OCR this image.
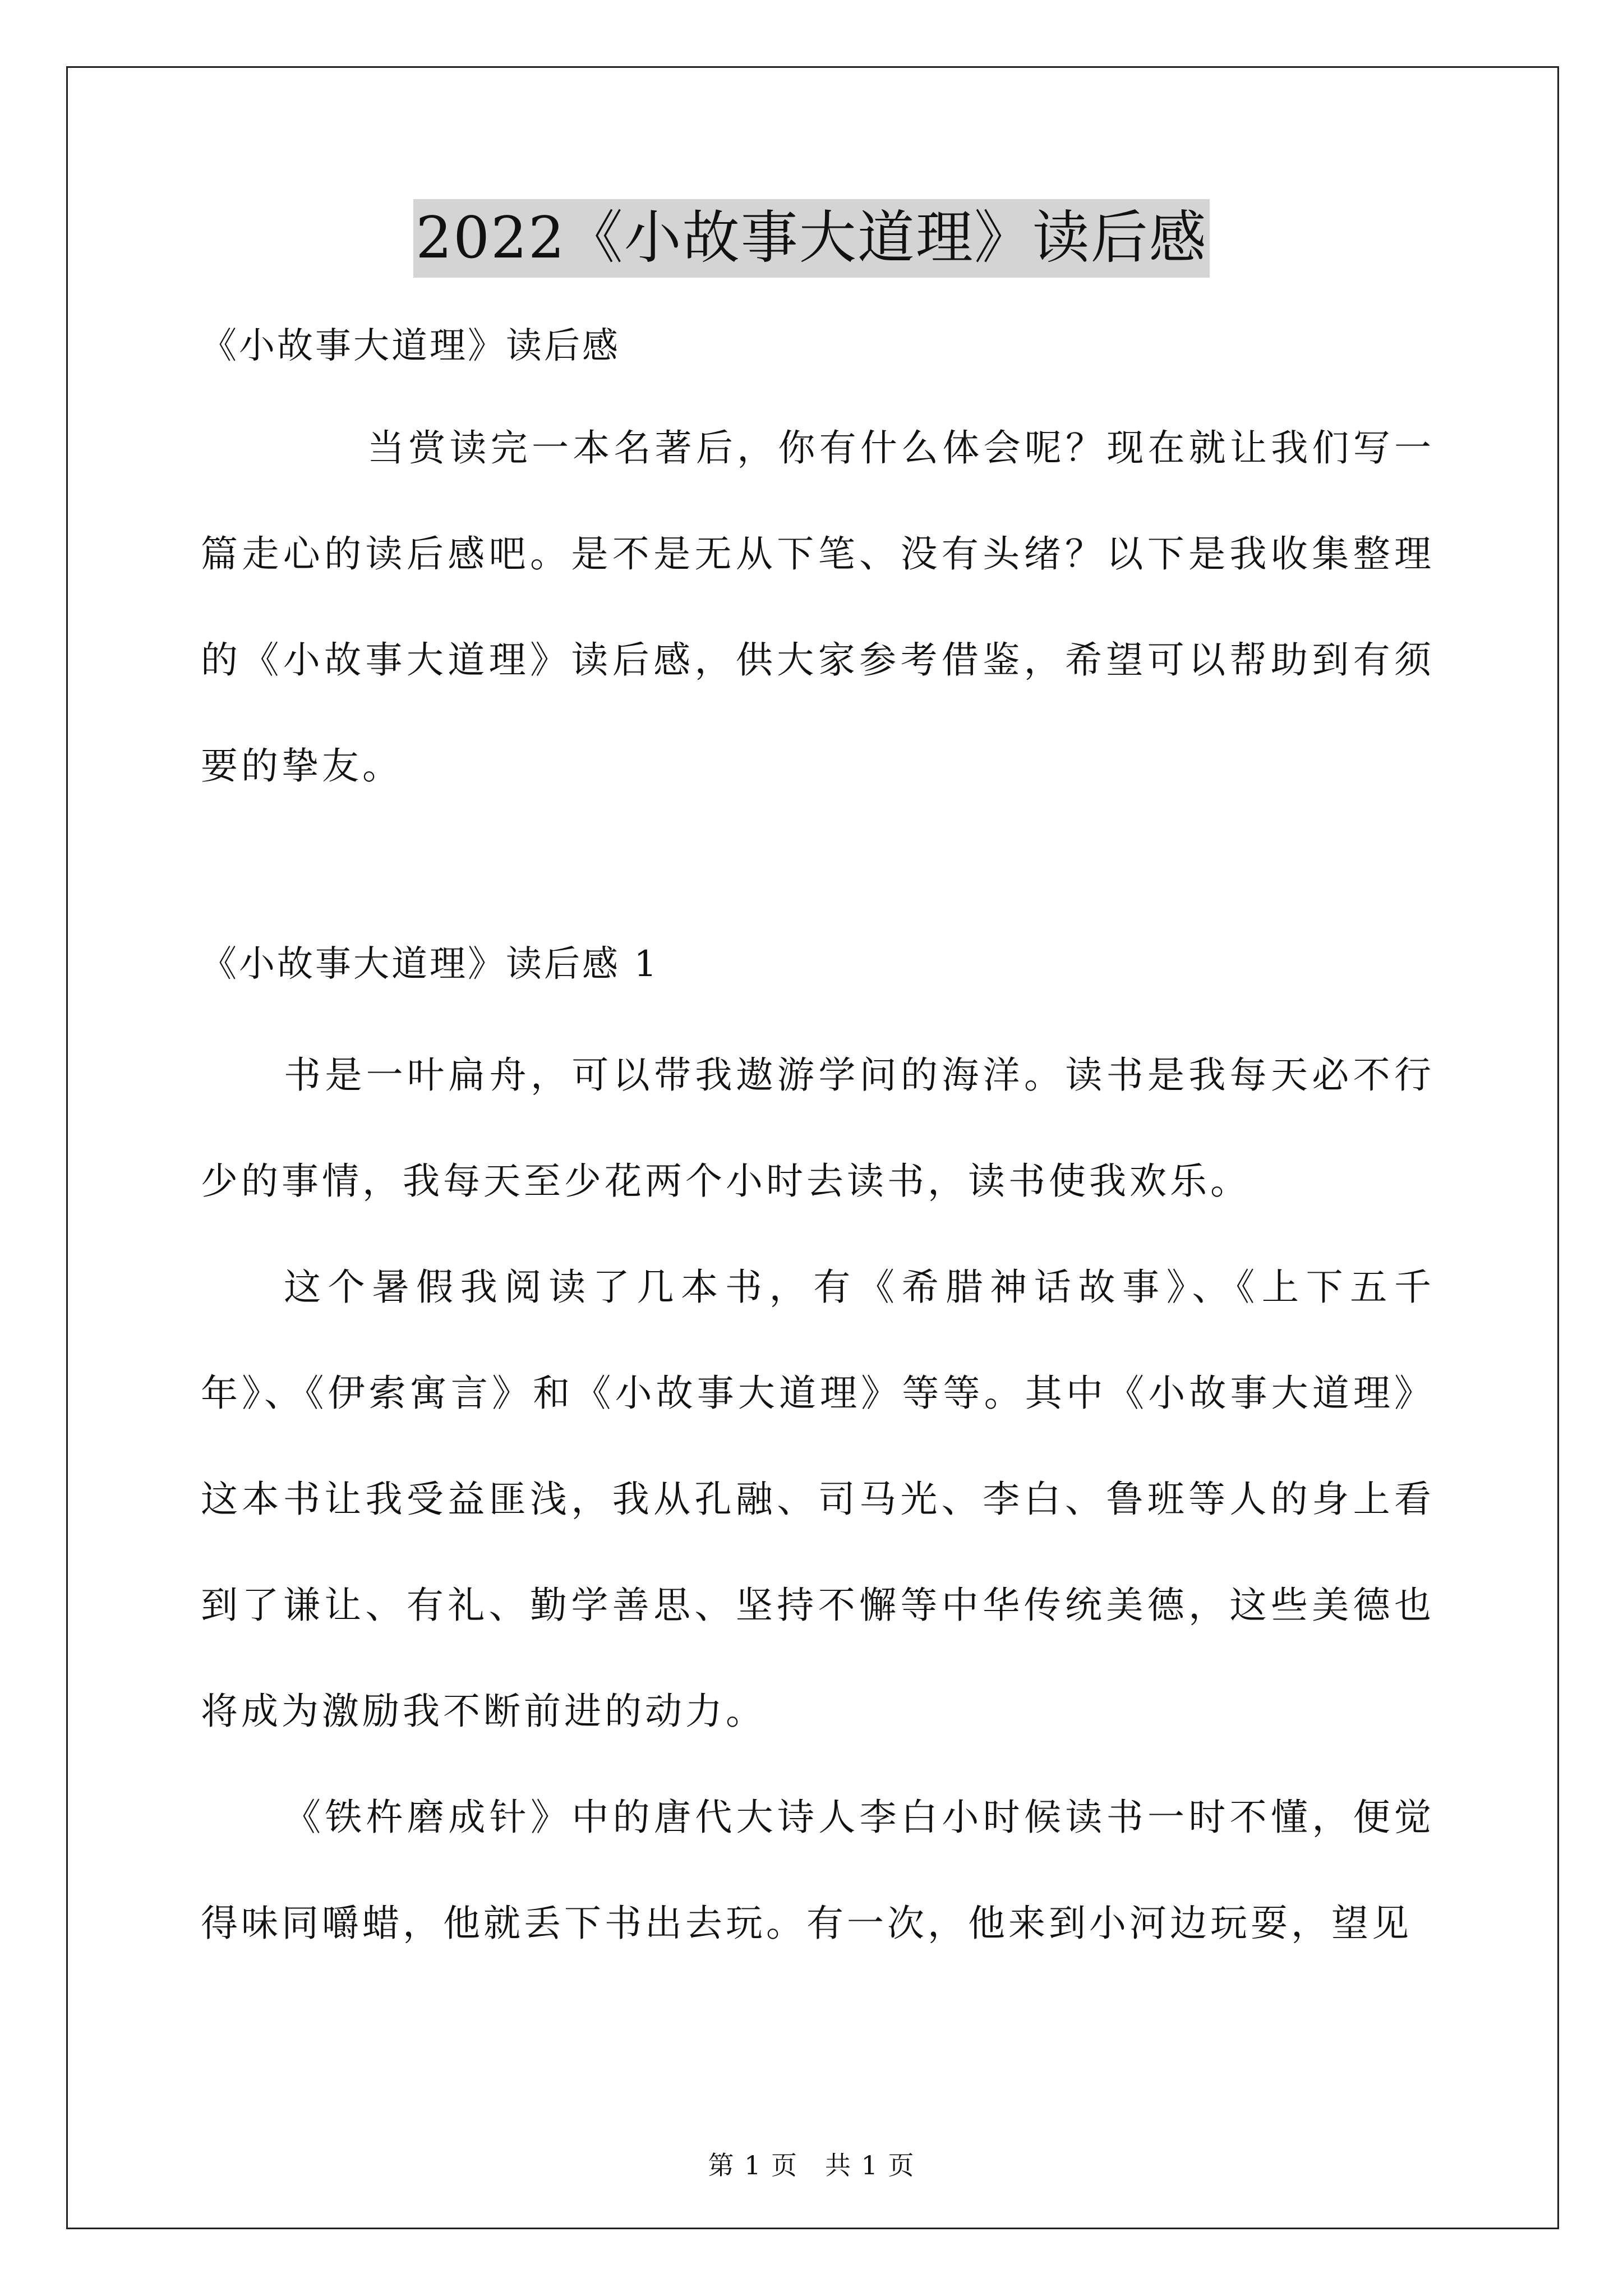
2022《小故事大道理》读后感

《小故事大道理》读后感

当赏读完一本名著后，你有什么体会呢？现在就让我们写一篇走心的读后感吧。是不是无从下笔、没有头绪？以下是我收集整理的《小故事大道理》读后感，供大家参考借鉴，希望可以帮助到有须要的挚友。

《小故事大道理》读后感 1

书是一叶扁舟，可以带我遨游学问的海洋。读书是我每天必不行少的事情，我每天至少花两个小时去读书，读书使我欢乐。

这个暑假我阅读了几本书，有《希腊神话故事》、《上下五千年》、《伊索寓言》和《小故事大道理》等等。其中《小故事大道理》这本书让我受益匪浅，我从孔融、司马光、李白、鲁班等人的身上看到了谦让、有礼、勤学善思、坚持不懈等中华传统美德，这些美德也将成为激励我不断前进的动力。

《铁杵磨成针》中的唐代大诗人李白小时候读书一时不懂，便觉得味同嚼蜡，他就丢下书出去玩。有一次，他来到小河边玩耍，望见

第 1 页　共 1 页
